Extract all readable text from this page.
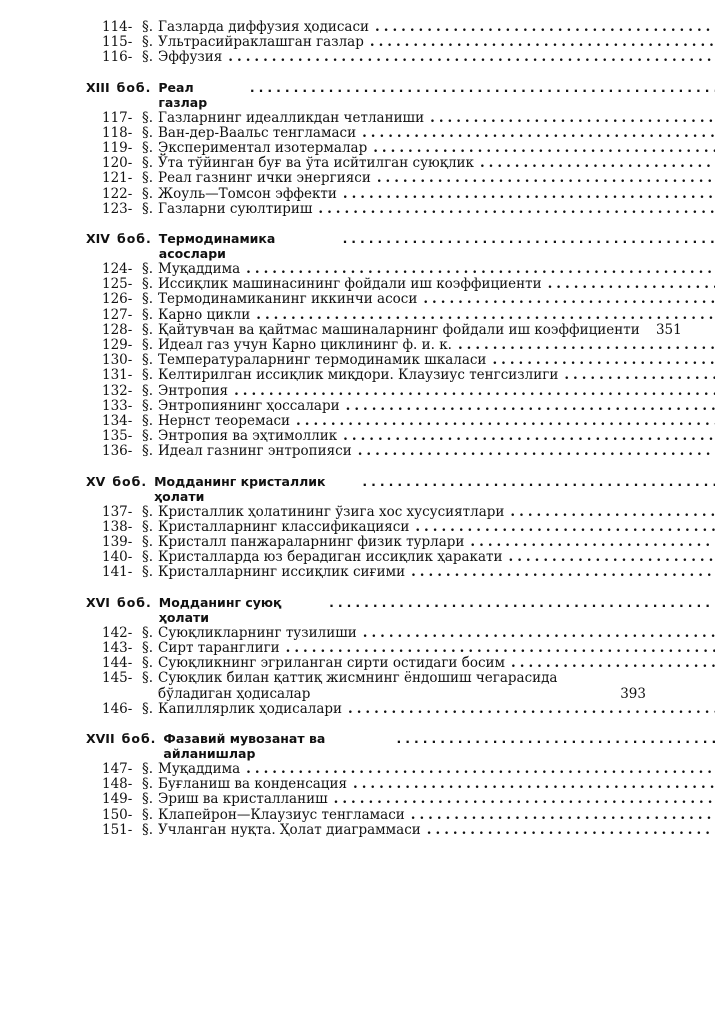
114- §. Газларда диффузия ҳодисаси
.....
115- §. Ультрасийраклашган газлар
.....
116- §. Эффузия
.....
XIII боб. Реал газлар
.....
117- §. Газларнинг идеалликдан четланиши
.....
118- §. Ван-дер-Ваальс тенгламаси
.....
119- §. Экспериментал изотермалар
.....
120- §. Ўта тўйинган буғ ва ўта исйтилган суюқлик
.....
121- §. Реал газнинг ички энергияси
.....
122- §. Жоуль—Томсон эффекти
.....
123- §. Газларни суюлтириш
.....
XIV боб. Термодинамика асослари
.....
124- §. Муқаддима
.....
125- §. Иссиқлик машинасининг фойдали иш коэффициенти
.....
126- §. Термодинамиканинг иккинчи асоси
.....
127- §. Карно цикли
.....
128- §. Қайтувчан ва қайтмас машиналарнинг фойдали иш коэффициенти	351
129- §. Идеал газ учун Карно циклининг ф. и. к.
.....
130- §. Температураларнинг термодинамик шкаласи
.....
131- §. Келтирилган иссиқлик миқдори. Клаузиус тенгсизлиги
.....
132- §. Энтропия
.....
133- §. Энтропиянинг ҳоссалари
.....
134- §. Нернст теоремаси
.....
135- §. Энтропия ва эҳтимоллик
.....
136- §. Идеал газнинг энтропияси
.....
XV боб. Модданинг кристаллик ҳолати
.....
137- §. Кристаллик ҳолатининг ўзига хос хусусиятлари
.....
138- §. Кристалларнинг классификацияси
.....
139- §. Кристалл панжараларнинг физик турлари
.....
140- §. Кристалларда юз берадиган иссиқлик ҳаракати
.....
141- §. Кристалларнинг иссиқлик сиғими
.....
XVI боб. Модданинг суюқ ҳолати
.....
142- §. Суюқликларнинг тузилиши
.....
143- §. Сирт таранглиги
.....
144- §. Суюқликнинг эгриланган сирти остидаги босим
.....
145- §. Суюқлик билан қаттиқ жисмнинг ёндошиш чегарасида бўладиган ҳодисалар	393
146- §. Капиллярлик ҳодисалари
.....
XVII боб. Фазавий мувозанат ва айланишлар
.....
147- §. Муқаддима
.....
148- §. Буғланиш ва конденсация
.....
149- §. Эриш ва кристалланиш
.....
150- §. Клапейрон—Клаузиус тенгламаси
.....
151- §. Учланган нуқта. Ҳолат диаграммаси
.....
